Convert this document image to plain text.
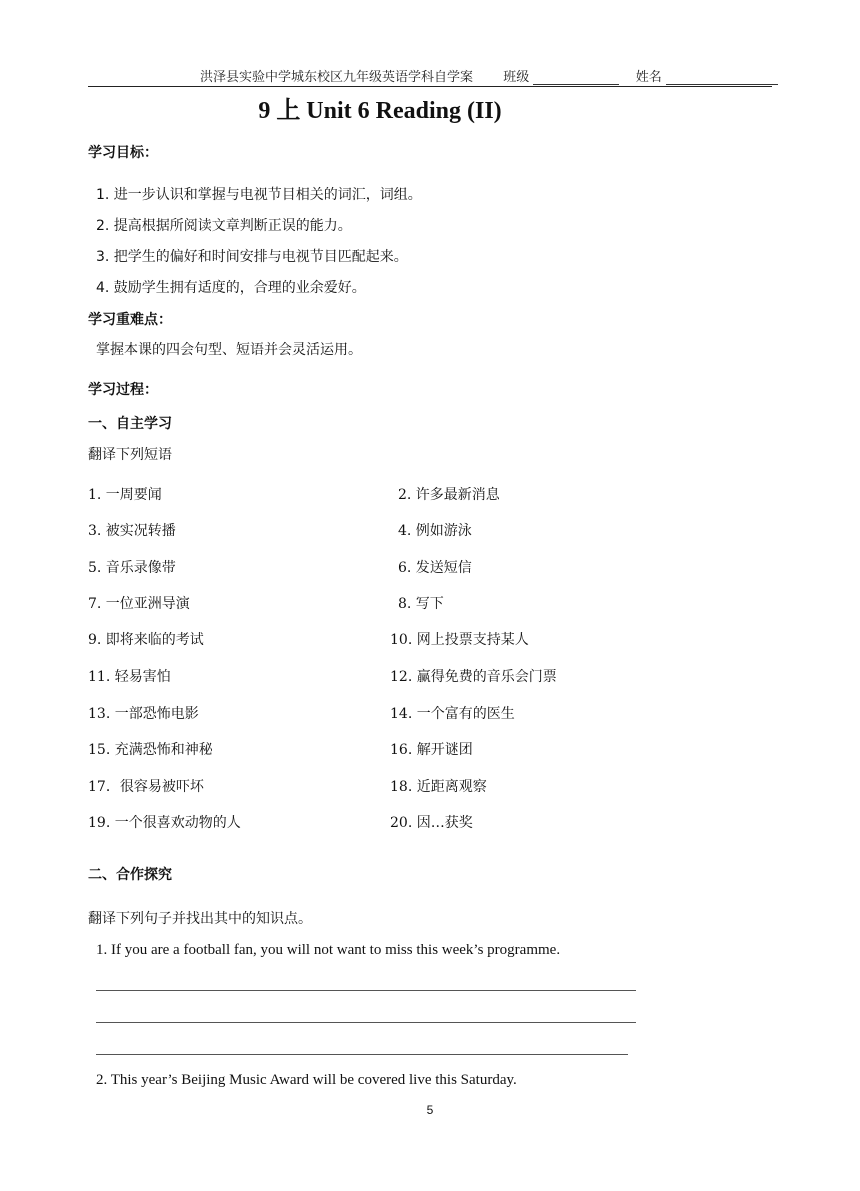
洪泽县实验中学城东校区九年级英语学科自学案 班级	姓名
9 上 Unit 6 Reading (II)
学习目标：
1. 进一步认识和掌握与电视节目相关的词汇，词组。
2. 提高根据所阅读文章判断正误的能力。
3. 把学生的偏好和时间安排与电视节目匹配起来。
4. 鼓励学生拥有适度的，合理的业余爱好。
学习重难点：
掌握本课的四会句型、短语并会灵活运用。
学习过程：
一、自主学习
翻译下列短语
1. 一周要闻
3. 被实况转播
5. 音乐录像带
7. 一位亚洲导演
9. 即将来临的考试
11. 轻易害怕
13. 一部恐怖电影
15. 充满恐怖和神秘
17．很容易被吓坏
19. 一个很喜欢动物的人
2. 许多最新消息
4. 例如游泳
6. 发送短信
8. 写下
10. 网上投票支持某人
12. 赢得免费的音乐会门票
14. 一个富有的医生
16. 解开谜团
18. 近距离观察
20. 因…获奖
二、合作探究
翻译下列句子并找出其中的知识点。
1. If you are a football fan, you will not want to miss this week’s programme.
2. This year’s Beijing Music Award will be covered live this Saturday.
5
